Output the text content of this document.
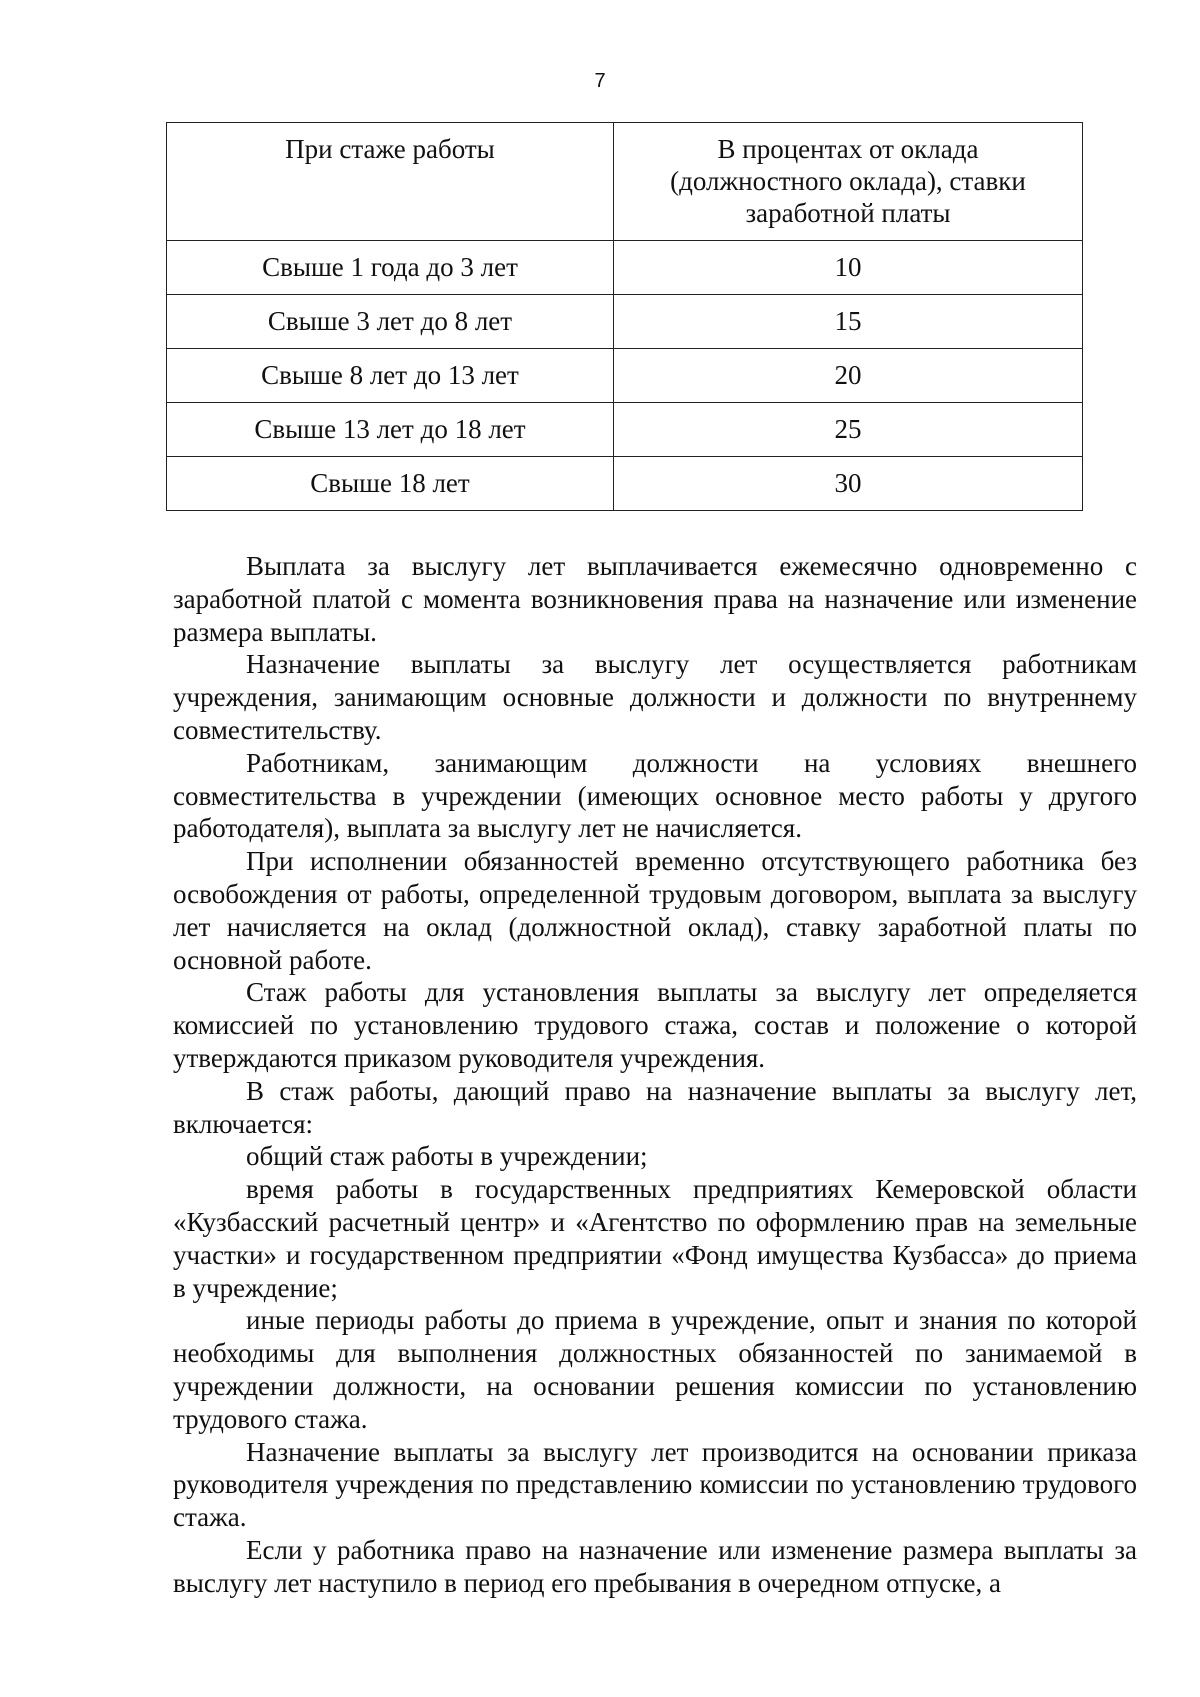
7
При стаже работы	В процентах от оклада (должностного оклада), ставки заработной платы

Свыше 1 года до 3 лет	10
Свыше 3 лет до 8 лет	15
Свыше 8 лет до 13 лет	20
Свыше 13 лет до 18 лет	25
Свыше 18 лет	30

Выплата за выслугу лет выплачивается ежемесячно одновременно с заработной платой с момента возникновения права на назначение или изменение размера выплаты.

Назначение выплаты за выслугу лет осуществляется работникам учреждения, занимающим основные должности и должности по внутреннему совместительству.

Работникам, занимающим должности на условиях внешнего совместительства в учреждении (имеющих основное место работы у другого работодателя), выплата за выслугу лет не начисляется.

При исполнении обязанностей временно отсутствующего работника без освобождения от работы, определенной трудовым договором, выплата за выслугу лет начисляется на оклад (должностной оклад), ставку заработной платы по основной работе.

Стаж работы для установления выплаты за выслугу лет определяется комиссией по установлению трудового стажа, состав и положение о которой утверждаются приказом руководителя учреждения.

В стаж работы, дающий право на назначение выплаты за выслугу лет, включается:

общий стаж работы в учреждении;

время работы в государственных предприятиях Кемеровской области «Кузбасский расчетный центр» и «Агентство по оформлению прав на земельные участки» и государственном предприятии «Фонд имущества Кузбасса» до приема в учреждение;

иные периоды работы до приема в учреждение, опыт и знания по которой необходимы для выполнения должностных обязанностей по занимаемой в учреждении должности, на основании решения комиссии по установлению трудового стажа.

Назначение выплаты за выслугу лет производится на основании приказа руководителя учреждения по представлению комиссии по установлению трудового стажа.

Если у работника право на назначение или изменение размера выплаты за выслугу лет наступило в период его пребывания в очередном отпуске, а
